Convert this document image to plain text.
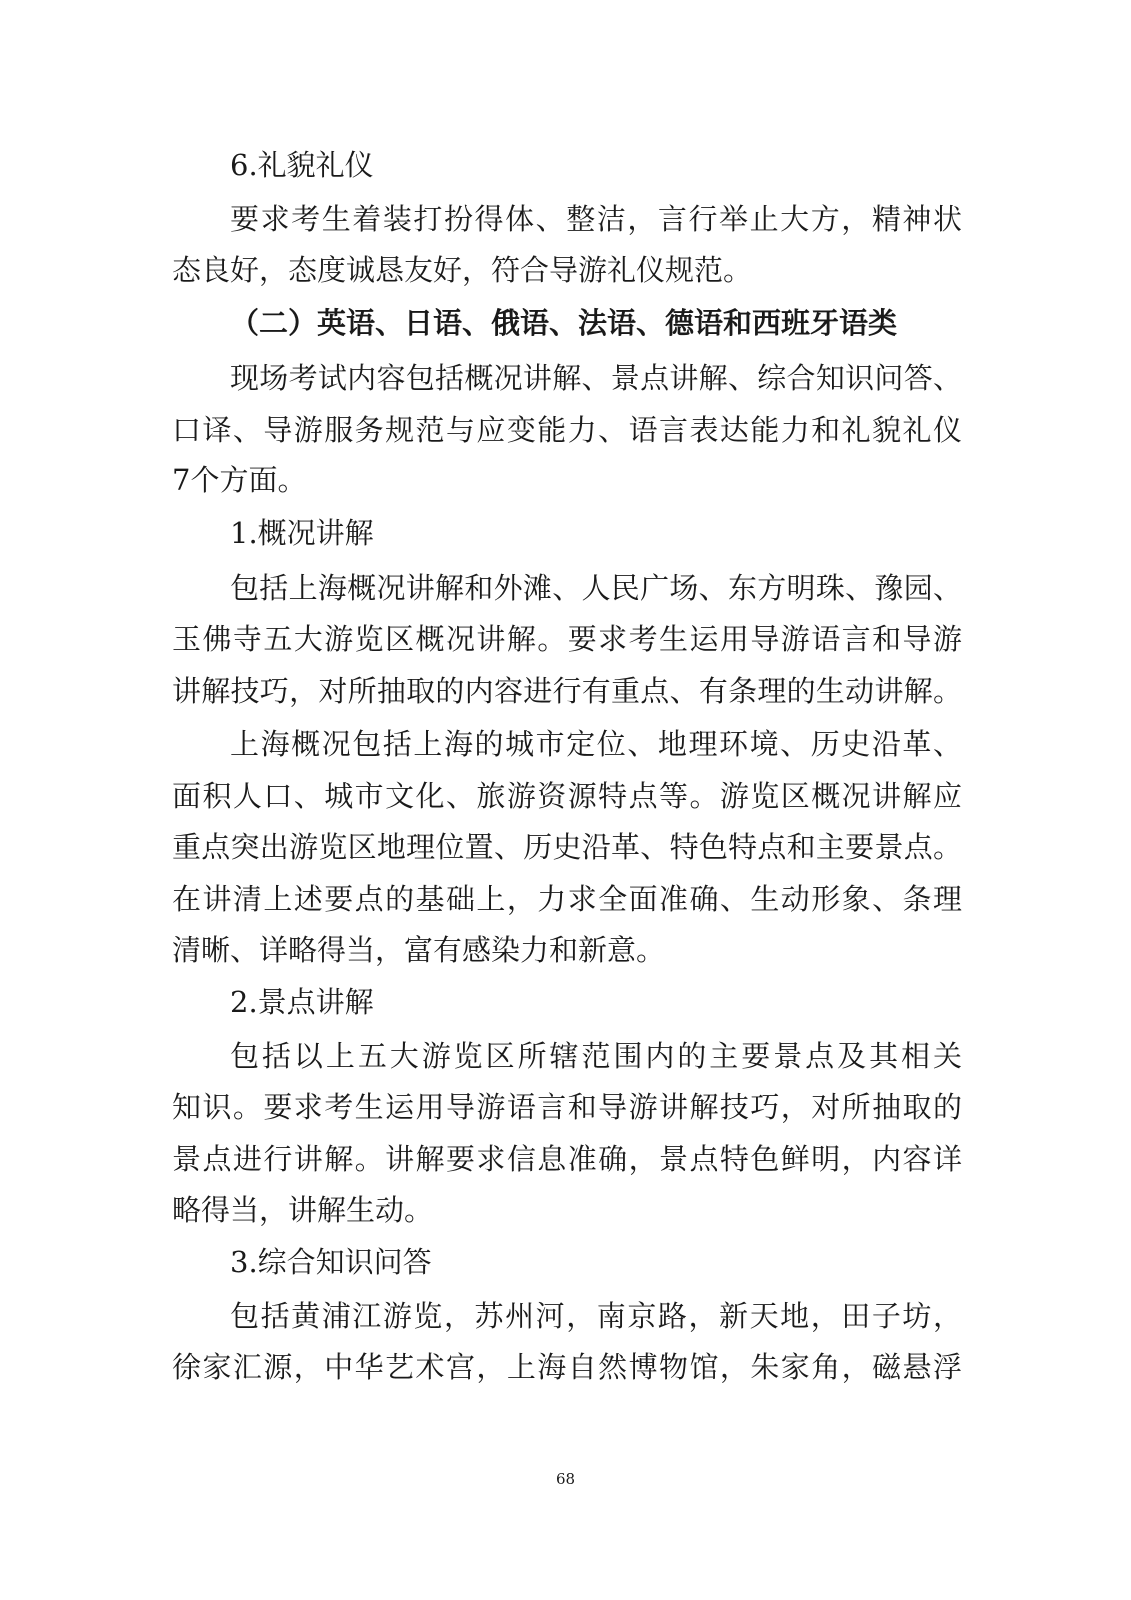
6.礼貌礼仪
要求考生着装打扮得体、整洁，言行举止大方，精神状
态良好，态度诚恳友好，符合导游礼仪规范。
（二）英语、日语、俄语、法语、德语和西班牙语类
现场考试内容包括概况讲解、景点讲解、综合知识问答、
口译、导游服务规范与应变能力、语言表达能力和礼貌礼仪
7个方面。
1.概况讲解
包括上海概况讲解和外滩、人民广场、东方明珠、豫园、
玉佛寺五大游览区概况讲解。要求考生运用导游语言和导游
讲解技巧，对所抽取的内容进行有重点、有条理的生动讲解。
上海概况包括上海的城市定位、地理环境、历史沿革、
面积人口、城市文化、旅游资源特点等。游览区概况讲解应
重点突出游览区地理位置、历史沿革、特色特点和主要景点。
在讲清上述要点的基础上，力求全面准确、生动形象、条理
清晰、详略得当，富有感染力和新意。
2.景点讲解
包括以上五大游览区所辖范围内的主要景点及其相关
知识。要求考生运用导游语言和导游讲解技巧，对所抽取的
景点进行讲解。讲解要求信息准确，景点特色鲜明，内容详
略得当，讲解生动。
3.综合知识问答
包括黄浦江游览，苏州河，南京路，新天地，田子坊，
徐家汇源，中华艺术宫，上海自然博物馆，朱家角，磁悬浮
68
